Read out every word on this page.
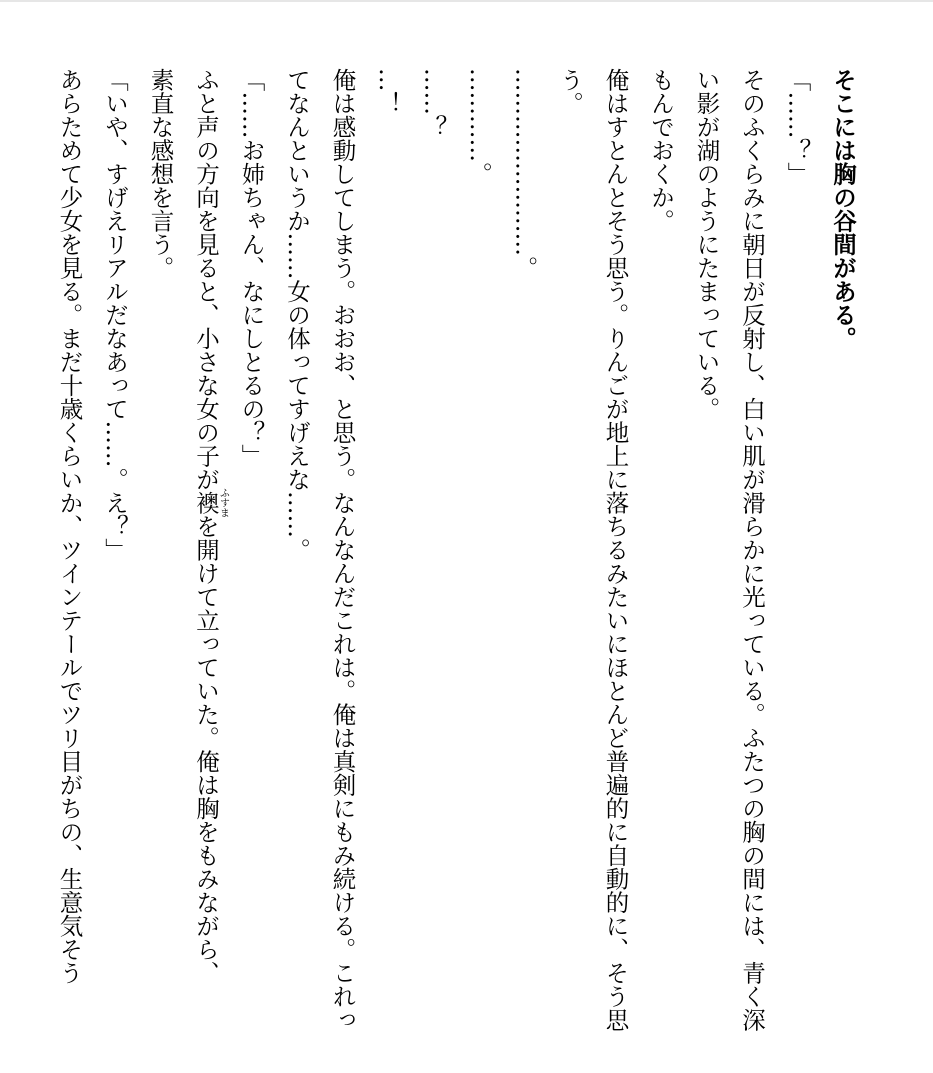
そこには胸の谷間がある。

「……？」

そのふくらみに朝日が反射し、白い肌が滑らかに光っている。ふたつの胸の間には、青く深い影が湖のようにたまっている。

もんでおくか。

俺はすとんとそう思う。りんごが地上に落ちるみたいにほとんど普遍的に自動的に、そう思う。

……………………。

…………。

……？

…！

俺は感動してしまう。おおお、と思う。なんなんだこれは。俺は真剣にもみ続ける。これってなんというか……女の体ってすげえな……。

「……お姉ちゃん、なにしとるの？」

ふと声の方向を見ると、小さな女の子が襖ふすまを開けて立っていた。俺は胸をもみながら、

素直な感想を言う。

「いや、すげえリアルだなあって……。え？」

あらためて少女を見る。まだ十歳くらいか、ツインテールでツリ目がちの、生意気そう
